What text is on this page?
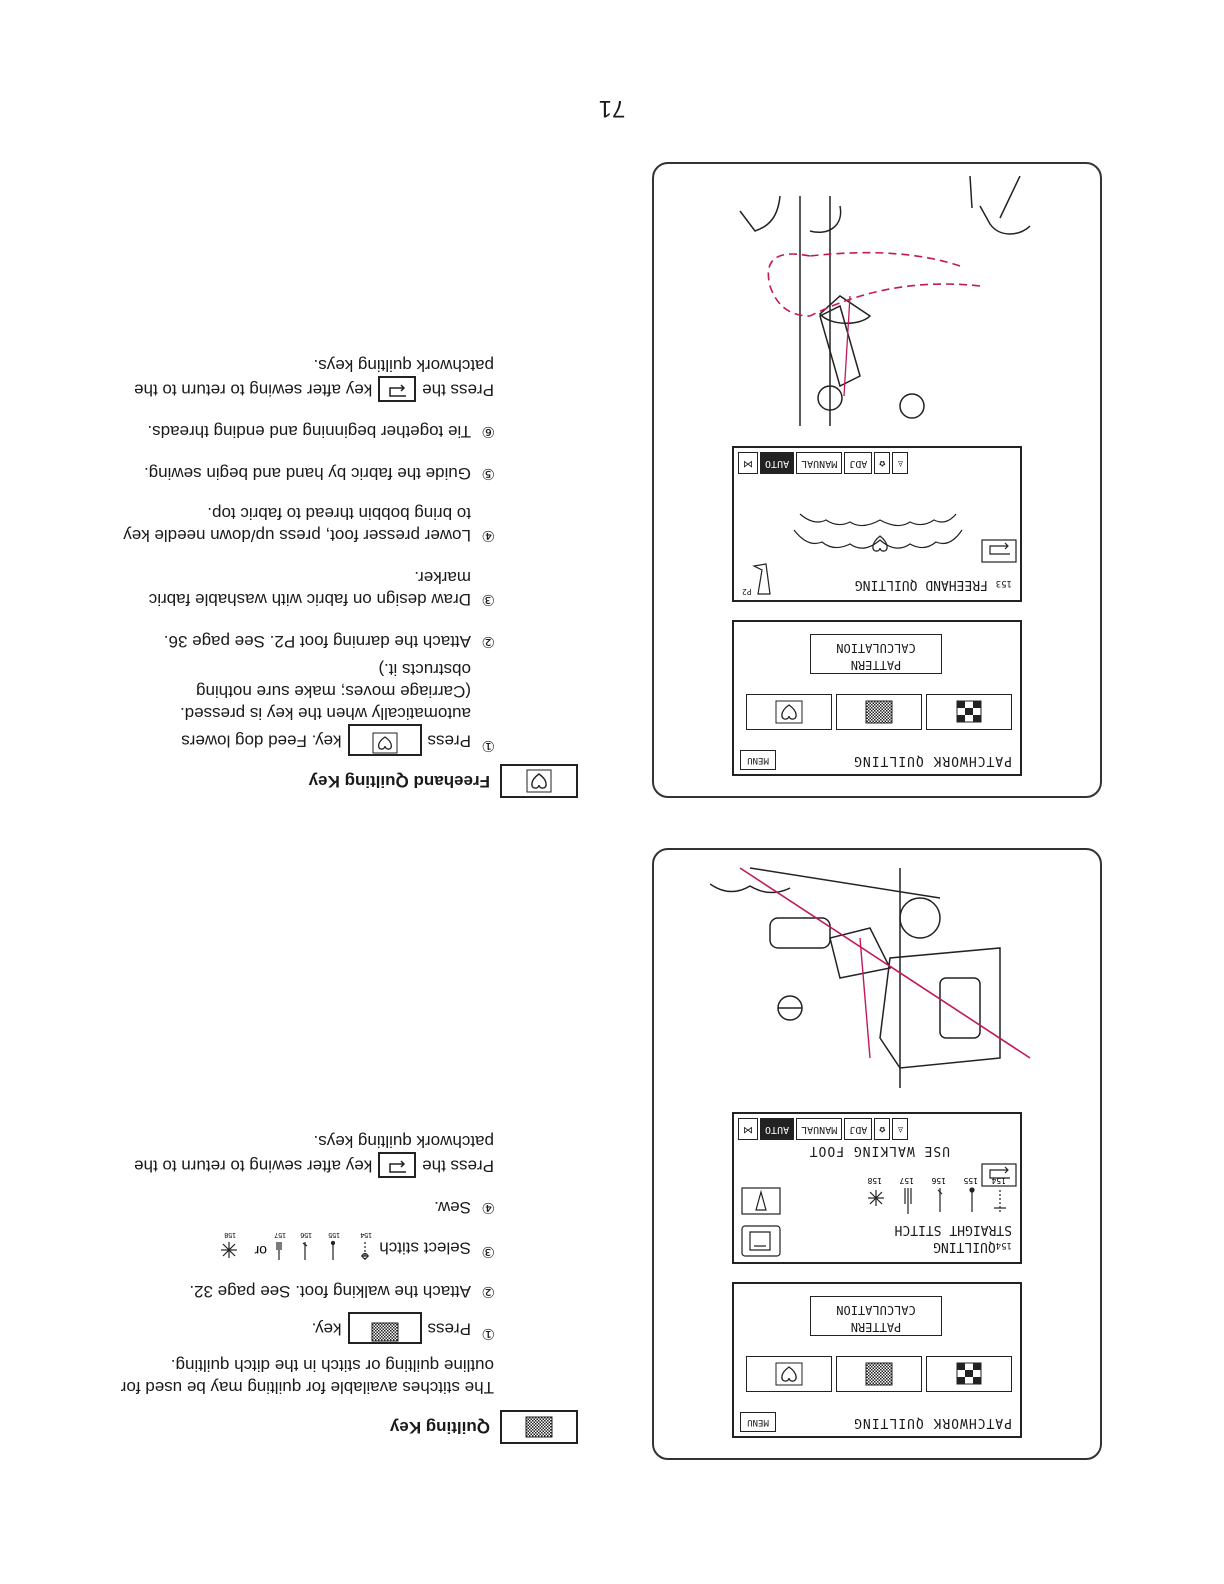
71
Quilting Key
The stitches available for quilting may be used for outline quilting or stitch in the ditch quilting.
①
Presskey.
②
Attach the walking foot. See page 32.
③
Select stitch
154
155
156
157
158
or
④
Sew.
Press thekey after sewing to return to the patchwork quilting keys.
MENU	PATCHWORK QUILTING
PATTERN
CALCULATION
154QUILTING
STRAIGHT STITCH
154
155
156
157
158
USE WALKING FOOT
♙
✿
ADJ
MANUAL
AUTO
⋈
Freehand Quilting Key
①
Presskey. Feed dog lowers automatically when the key is pressed. (Carriage moves; make sure nothing obstructs it.)
②
Attach the darning foot P2. See page 36.
③
Draw design on fabric with washable fabric marker.
④
Lower presser foot, press up/down needle key to bring bobbin thread to fabric top.
⑤
Guide the fabric by hand and begin sewing.
⑥
Tie together beginning and ending threads.
Press thekey after sewing to return to the patchwork quilting keys.
MENU	PATCHWORK QUILTING
PATTERN
CALCULATION
153 FREEHAND QUILTING
♙
✿
ADJ
MANUAL
AUTO
⋈
P2
